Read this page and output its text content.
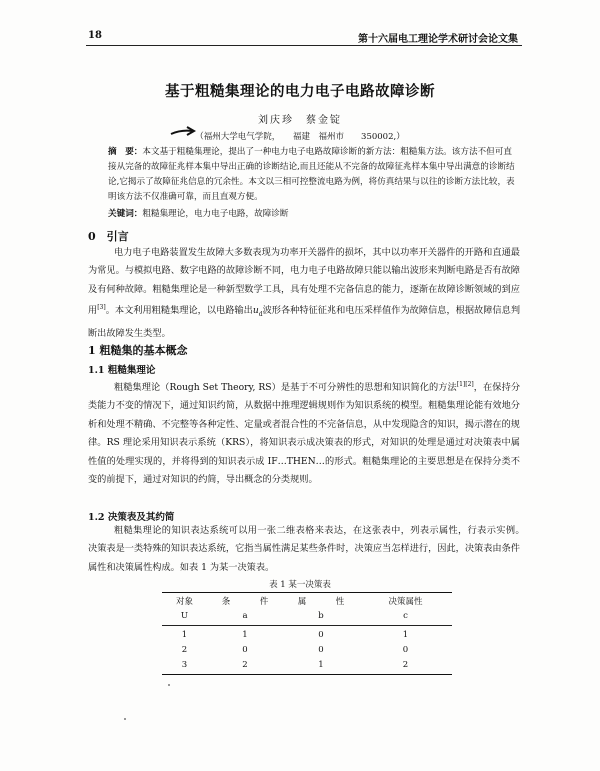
18	第十六届电工理论学术研讨会论文集
基于粗糙集理论的电力电子电路故障诊断
刘庆珍　蔡金锭
（福州大学电气学院，　　福建　福州市　　350002,）
摘　要：本文基于粗糙集理论，提出了一种电力电子电路故障诊断的新方法：粗糙集方法。该方法不但可直接从完备的故障征兆样本集中导出正确的诊断结论,而且还能从不完备的故障征兆样本集中导出满意的诊断结论,它揭示了故障征兆信息的冗余性。本文以三相可控整流电路为例，将仿真结果与以往的诊断方法比较，表明该方法不仅准确可靠，而且直观方便。
关键词：粗糙集理论，电力电子电路，故障诊断
0　引言
电力电子电路装置发生故障大多数表现为功率开关器件的损坏，其中以功率开关器件的开路和直通最为常见。与模拟电路、数字电路的故障诊断不同，电力电子电路故障只能以输出波形来判断电路是否有故障及有何种故障。粗糙集理论是一种新型数学工具，具有处理不完备信息的能力，逐渐在故障诊断领域的到应用[3]。本文利用粗糙集理论，以电路输出$u_d$波形各种特征征兆和电压采样值作为故障信息，根据故障信息判断出故障发生类型。
1 粗糙集的基本概念
1.1 粗糙集理论
粗糙集理论（Rough Set Theory, RS）是基于不可分辨性的思想和知识简化的方法[1][2]，在保持分类能力不变的情况下，通过知识约简，从数据中推理逻辑规则作为知识系统的模型。粗糙集理论能有效地分析和处理不精确、不完整等各种定性、定量或者混合性的不完备信息，从中发现隐含的知识，揭示潜在的规律。RS 理论采用知识表示系统（KRS），将知识表示成决策表的形式，对知识的处理是通过对决策表中属性值的处理实现的，并将得到的知识表示成 IF…THEN…的形式。粗糙集理论的主要思想是在保持分类不变的前提下，通过对知识的约简，导出概念的分类规则。
1.2 决策表及其约简
粗糙集理论的知识表达系统可以用一张二维表格来表达，在这张表中，列表示属性，行表示实例。　决策表是一类特殊的知识表达系统，它指当属性满足某些条件时，决策应当怎样进行，因此，决策表由条件属性和决策属性构成。如表 1 为某一决策表。
表 1 某一决策表
对象	条	件	属	性	决策属性
U	a		b		c
1	1	0	1
2	0	0	0
3	2	1	2
